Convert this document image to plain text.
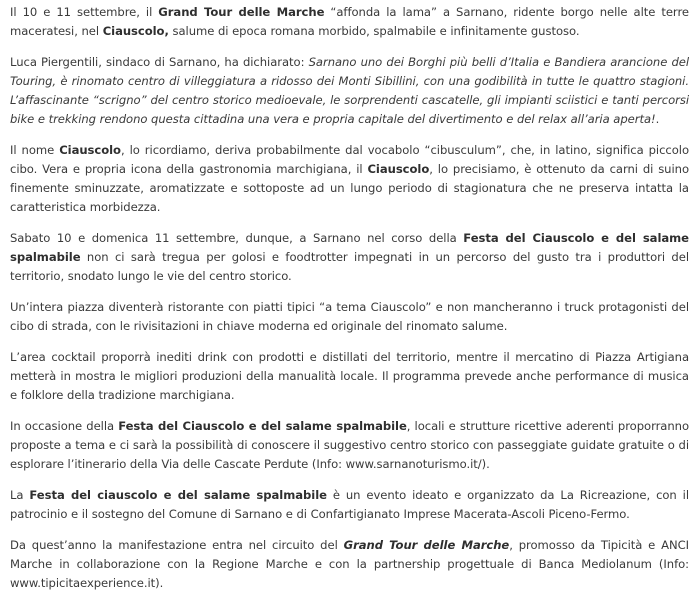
Il 10 e 11 settembre, il Grand Tour delle Marche “affonda la lama” a Sarnano, ridente borgo nelle alte terre maceratesi, nel Ciauscolo, salume di epoca romana morbido, spalmabile e infinitamente gustoso.

Luca Piergentili, sindaco di Sarnano, ha dichiarato: Sarnano uno dei Borghi più belli d’Italia e Bandiera arancione del Touring, è rinomato centro di villeggiatura a ridosso dei Monti Sibillini, con una godibilità in tutte le quattro stagioni. L’affascinante “scrigno” del centro storico medioevale, le sorprendenti cascatelle, gli impianti sciistici e tanti percorsi bike e trekking rendono questa cittadina una vera e propria capitale del divertimento e del relax all’aria aperta!.

Il nome Ciauscolo, lo ricordiamo, deriva probabilmente dal vocabolo “cibusculum”, che, in latino, significa piccolo cibo. Vera e propria icona della gastronomia marchigiana, il Ciauscolo, lo precisiamo, è ottenuto da carni di suino finemente sminuzzate, aromatizzate e sottoposte ad un lungo periodo di stagionatura che ne preserva intatta la caratteristica morbidezza.

Sabato 10 e domenica 11 settembre, dunque, a Sarnano nel corso della Festa del Ciauscolo e del salame spalmabile non ci sarà tregua per golosi e foodtrotter impegnati in un percorso del gusto tra i produttori del territorio, snodato lungo le vie del centro storico.

Un’intera piazza diventerà ristorante con piatti tipici “a tema Ciauscolo” e non mancheranno i truck protagonisti del cibo di strada, con le rivisitazioni in chiave moderna ed originale del rinomato salume.

L’area cocktail proporrà inediti drink con prodotti e distillati del territorio, mentre il mercatino di Piazza Artigiana metterà in mostra le migliori produzioni della manualità locale. Il programma prevede anche performance di musica e folklore della tradizione marchigiana.

In occasione della Festa del Ciauscolo e del salame spalmabile, locali e strutture ricettive aderenti proporranno proposte a tema e ci sarà la possibilità di conoscere il suggestivo centro storico con passeggiate guidate gratuite o di esplorare l’itinerario della Via delle Cascate Perdute (Info: www.sarnanoturismo.it/).

La Festa del ciauscolo e del salame spalmabile è un evento ideato e organizzato da La Ricreazione, con il patrocinio e il sostegno del Comune di Sarnano e di Confartigianato Imprese Macerata-Ascoli Piceno-Fermo.

Da quest’anno la manifestazione entra nel circuito del Grand Tour delle Marche, promosso da Tipicità e ANCI Marche in collaborazione con la Regione Marche e con la partnership progettuale di Banca Mediolanum (Info: www.tipicitaexperience.it).
